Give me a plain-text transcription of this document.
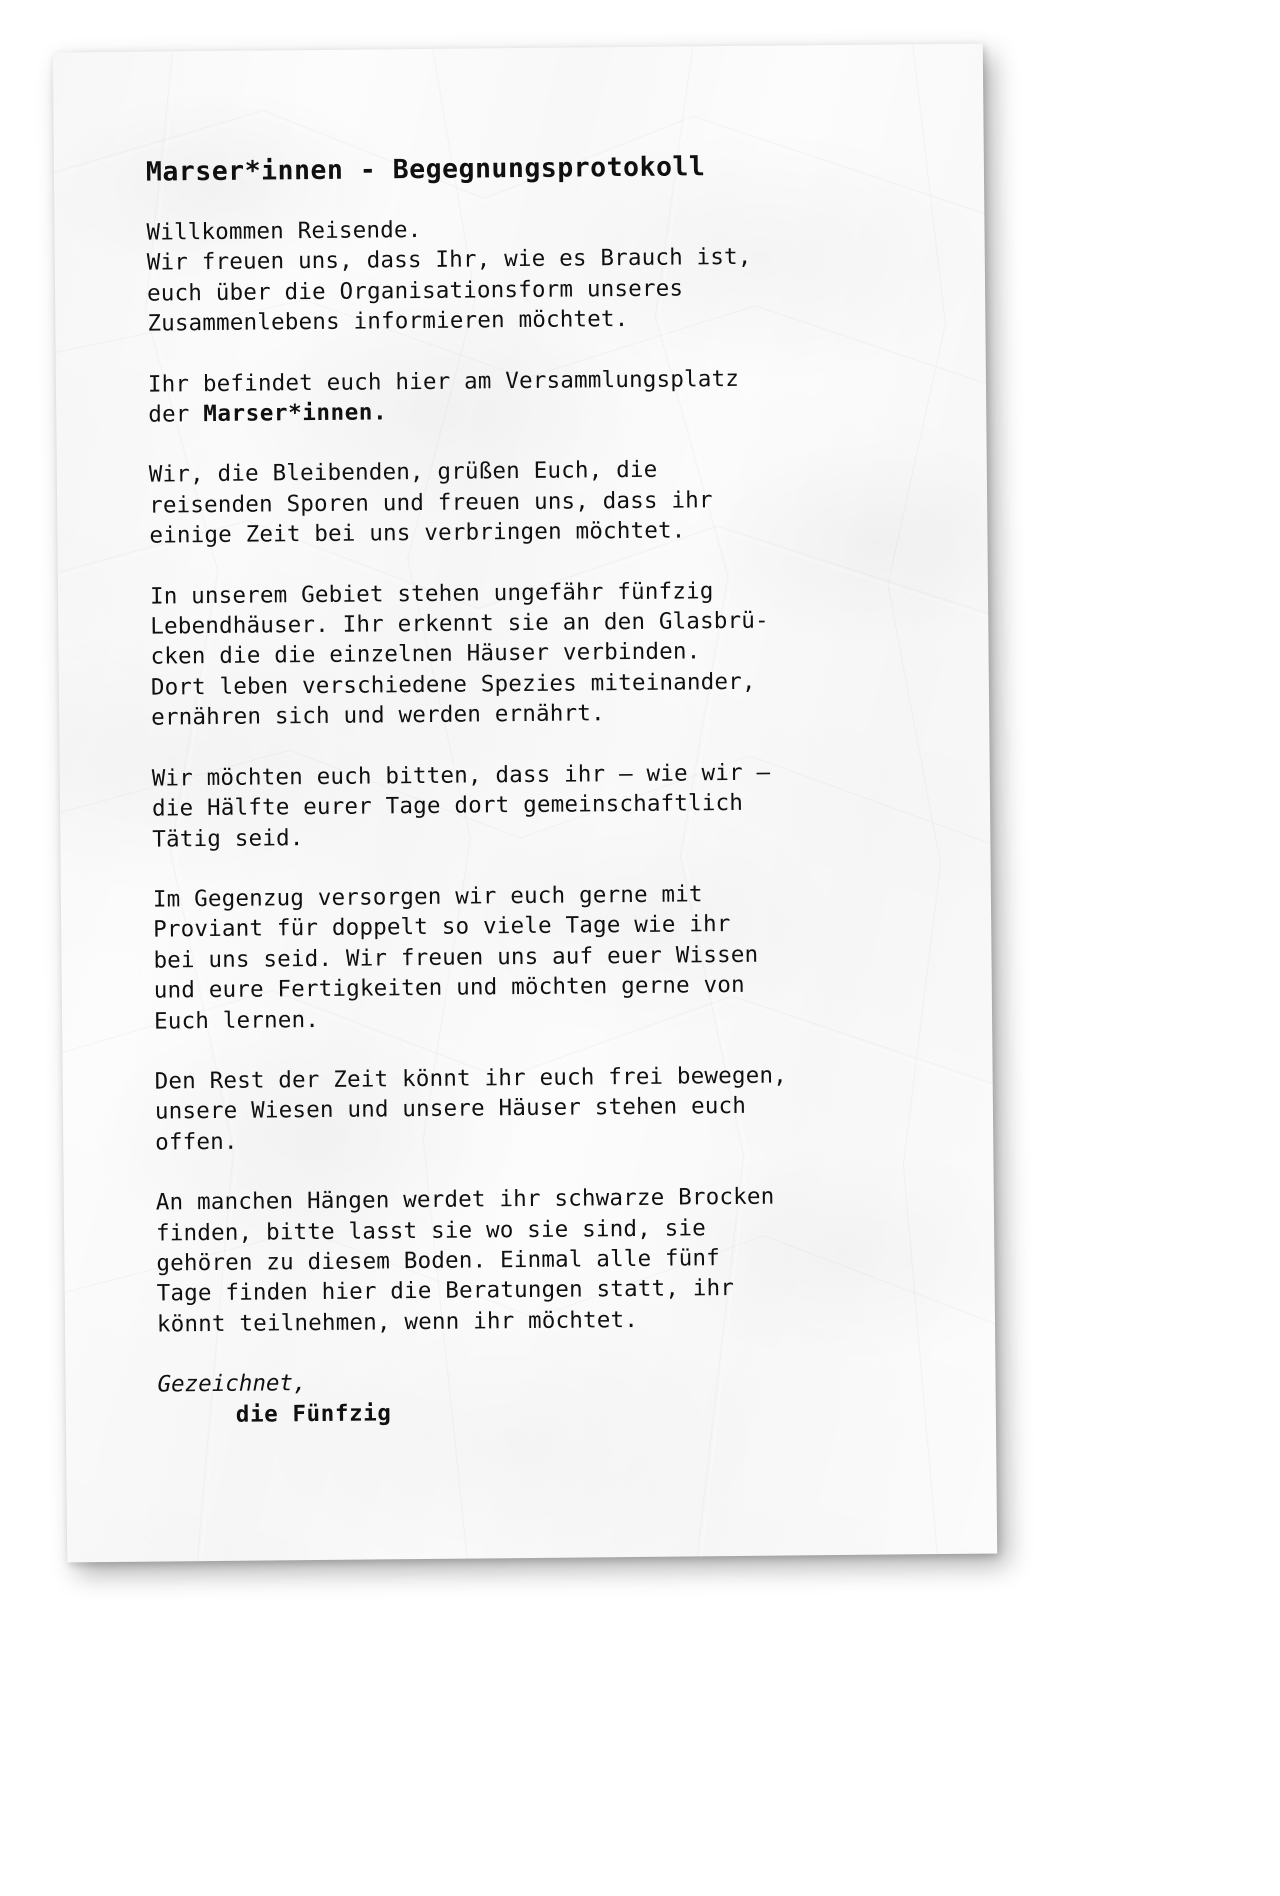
Marser*innen - Begegnungsprotokoll

Willkommen Reisende.
Wir freuen uns, dass Ihr, wie es Brauch ist,
euch über die Organisationsform unseres
Zusammenlebens informieren möchtet.

Ihr befindet euch hier am Versammlungsplatz
der Marser*innen.

Wir, die Bleibenden, grüßen Euch, die
reisenden Sporen und freuen uns, dass ihr
einige Zeit bei uns verbringen möchtet.

In unserem Gebiet stehen ungefähr fünfzig
Lebendhäuser. Ihr erkennt sie an den Glasbrü-
cken die die einzelnen Häuser verbinden.
Dort leben verschiedene Spezies miteinander,
ernähren sich und werden ernährt.

Wir möchten euch bitten, dass ihr — wie wir —
die Hälfte eurer Tage dort gemeinschaftlich
Tätig seid.

Im Gegenzug versorgen wir euch gerne mit
Proviant für doppelt so viele Tage wie ihr
bei uns seid. Wir freuen uns auf euer Wissen
und eure Fertigkeiten und möchten gerne von
Euch lernen.

Den Rest der Zeit könnt ihr euch frei bewegen,
unsere Wiesen und unsere Häuser stehen euch
offen.

An manchen Hängen werdet ihr schwarze Brocken
finden, bitte lasst sie wo sie sind, sie
gehören zu diesem Boden. Einmal alle fünf
Tage finden hier die Beratungen statt, ihr
könnt teilnehmen, wenn ihr möchtet.

Gezeichnet,

die Fünfzig
